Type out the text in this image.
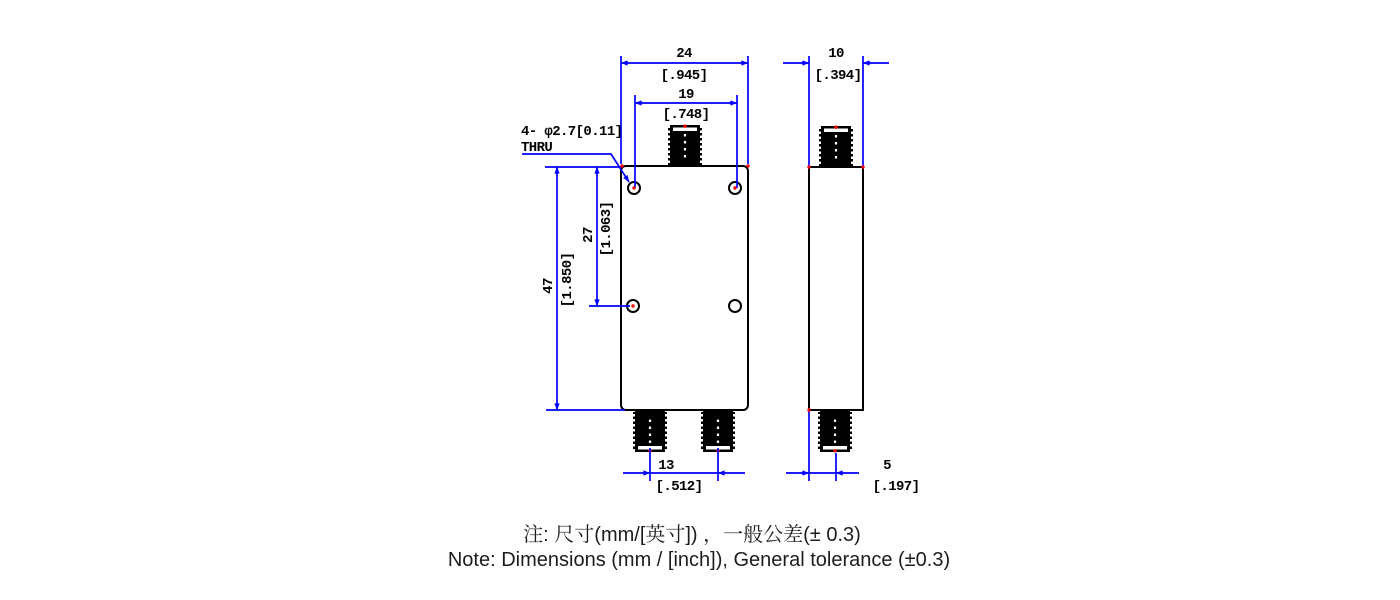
24
[.945]
19
[.748]
10
[.394]
47 [1.850]
27 [1.063]
13
[.512]
5
[.197]
4- φ2.7[0.11]
THRU
注: 尺寸(mm/[英寸]) ，一般公差(± 0.3)
Note: Dimensions (mm / [inch]), General tolerance (±0.3)
